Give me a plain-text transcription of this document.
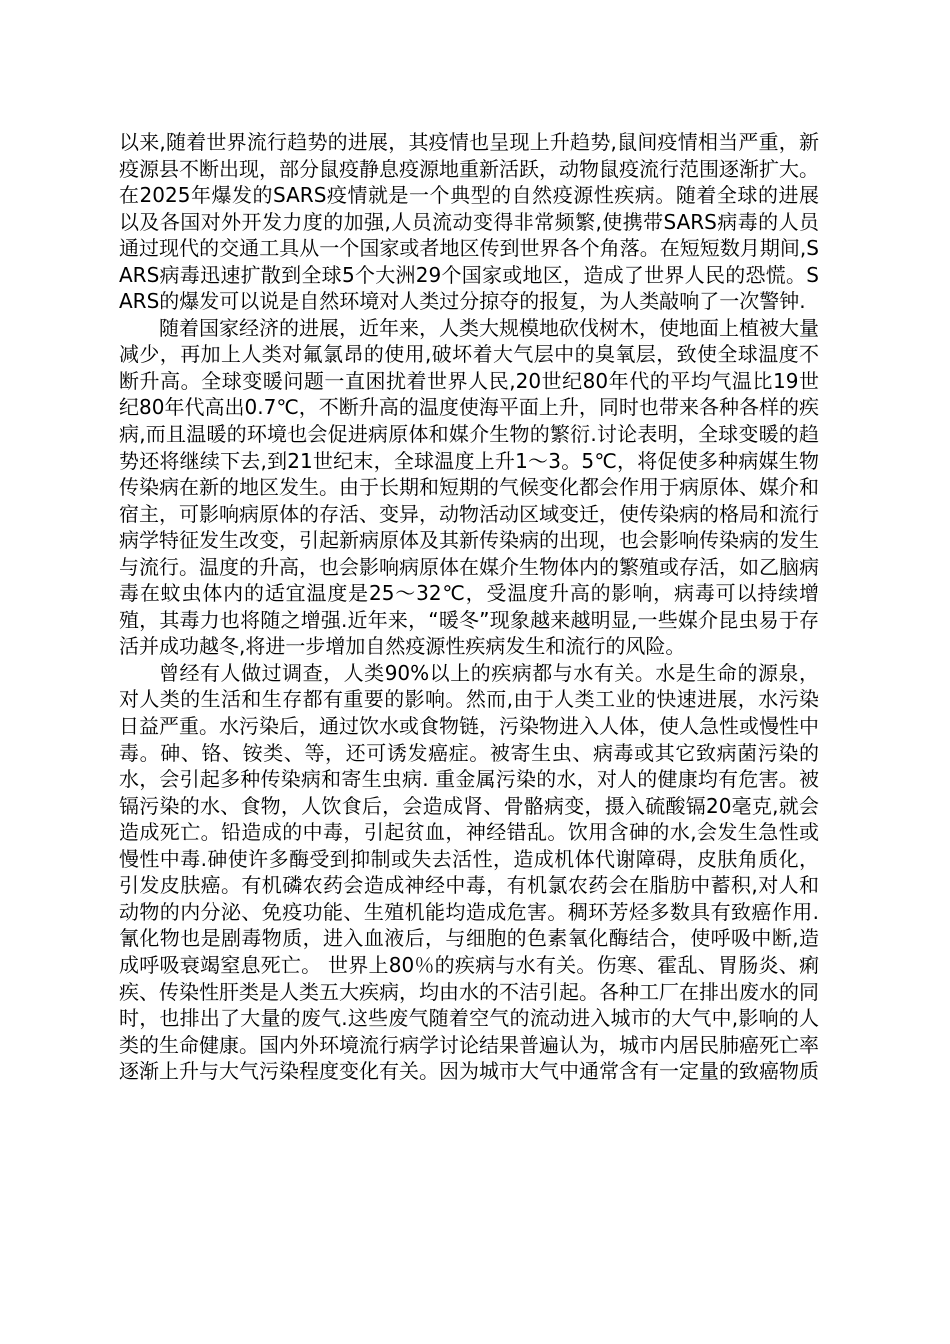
以来,随着世界流行趋势的进展，其疫情也呈现上升趋势,鼠间疫情相当严重，新疫源县不断出现，部分鼠疫静息疫源地重新活跃，动物鼠疫流行范围逐渐扩大。在2025年爆发的SARS疫情就是一个典型的自然疫源性疾病。随着全球的进展以及各国对外开发力度的加强,人员流动变得非常频繁,使携带SARS病毒的人员通过现代的交通工具从一个国家或者地区传到世界各个角落。在短短数月期间,SARS病毒迅速扩散到全球5个大洲29个国家或地区，造成了世界人民的恐慌。SARS的爆发可以说是自然环境对人类过分掠夺的报复，为人类敲响了一次警钟.

随着国家经济的进展，近年来，人类大规模地砍伐树木，使地面上植被大量减少，再加上人类对氟氯昂的使用,破坏着大气层中的臭氧层，致使全球温度不断升高。全球变暖问题一直困扰着世界人民,20世纪80年代的平均气温比19世纪80年代高出0.7℃，不断升高的温度使海平面上升，同时也带来各种各样的疾病,而且温暖的环境也会促进病原体和媒介生物的繁衍.讨论表明，全球变暖的趋势还将继续下去,到21世纪末，全球温度上升1～3。5℃，将促使多种病媒生物传染病在新的地区发生。由于长期和短期的气候变化都会作用于病原体、媒介和宿主，可影响病原体的存活、变异，动物活动区域变迁，使传染病的格局和流行病学特征发生改变，引起新病原体及其新传染病的出现，也会影响传染病的发生与流行。温度的升高，也会影响病原体在媒介生物体内的繁殖或存活，如乙脑病毒在蚊虫体内的适宜温度是25～32℃，受温度升高的影响，病毒可以持续增殖，其毒力也将随之增强.近年来，“暖冬”现象越来越明显,一些媒介昆虫易于存活并成功越冬,将进一步增加自然疫源性疾病发生和流行的风险。

曾经有人做过调查，人类90%以上的疾病都与水有关。水是生命的源泉，对人类的生活和生存都有重要的影响。然而,由于人类工业的快速进展，水污染日益严重。水污染后，通过饮水或食物链，污染物进入人体，使人急性或慢性中毒。砷、铬、铵类、等，还可诱发癌症。被寄生虫、病毒或其它致病菌污染的水，会引起多种传染病和寄生虫病. 重金属污染的水，对人的健康均有危害。被镉污染的水、食物，人饮食后，会造成肾、骨骼病变，摄入硫酸镉20毫克,就会造成死亡。铅造成的中毒，引起贫血，神经错乱。饮用含砷的水,会发生急性或慢性中毒.砷使许多酶受到抑制或失去活性，造成机体代谢障碍，皮肤角质化，引发皮肤癌。有机磷农药会造成神经中毒，有机氯农药会在脂肪中蓄积,对人和动物的内分泌、免疫功能、生殖机能均造成危害。稠环芳烃多数具有致癌作用.氰化物也是剧毒物质，进入血液后，与细胞的色素氧化酶结合，使呼吸中断,造成呼吸衰竭窒息死亡。 世界上80％的疾病与水有关。伤寒、霍乱、胃肠炎、痢疾、传染性肝类是人类五大疾病，均由水的不洁引起。各种工厂在排出废水的同时，也排出了大量的废气.这些废气随着空气的流动进入城市的大气中,影响的人类的生命健康。国内外环境流行病学讨论结果普遍认为，城市内居民肺癌死亡率逐渐上升与大气污染程度变化有关。因为城市大气中通常含有一定量的致癌物质
